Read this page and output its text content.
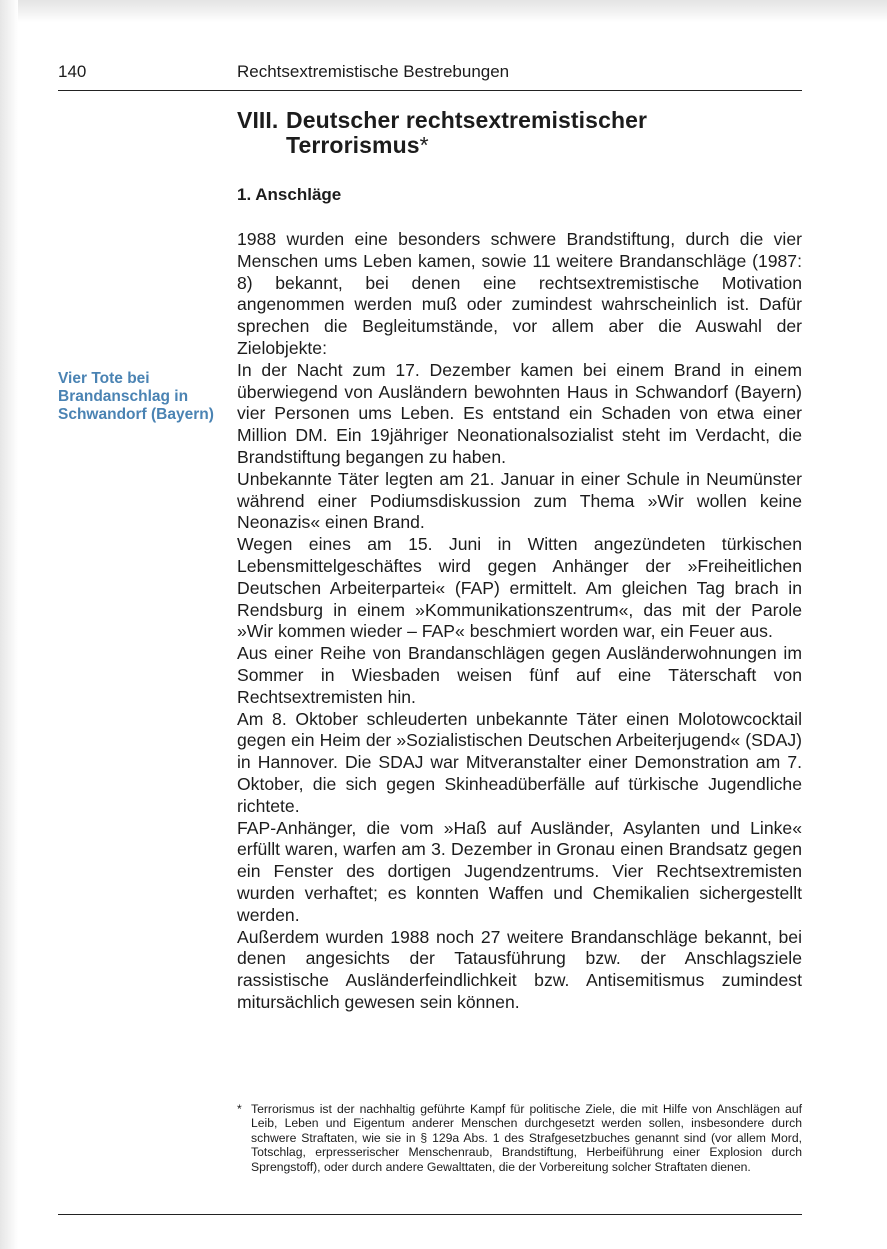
140	Rechtsextremistische Bestrebungen
VIII. Deutscher rechtsextremistischer
Terrorismus*
1. Anschläge
Vier Tote bei Brandanschlag in Schwandorf (Bayern)

1988 wurden eine besonders schwere Brandstiftung, durch die vier Menschen ums Leben kamen, sowie 11 weitere Brandanschläge (1987: 8) bekannt, bei denen eine rechtsextremistische Motivation angenommen werden muß oder zumindest wahrscheinlich ist. Dafür sprechen die Begleitumstände, vor allem aber die Auswahl der Zielobjekte:

In der Nacht zum 17. Dezember kamen bei einem Brand in einem überwiegend von Ausländern bewohnten Haus in Schwandorf (Bayern) vier Personen ums Leben. Es entstand ein Schaden von etwa einer Million DM. Ein 19jähriger Neonationalsozialist steht im Verdacht, die Brandstiftung begangen zu haben.

Unbekannte Täter legten am 21. Januar in einer Schule in Neumünster während einer Podiumsdiskussion zum Thema »Wir wollen keine Neonazis« einen Brand.

Wegen eines am 15. Juni in Witten angezündeten türkischen Lebensmittelgeschäftes wird gegen Anhänger der »Freiheitlichen Deutschen Arbeiterpartei« (FAP) ermittelt. Am gleichen Tag brach in Rendsburg in einem »Kommunikationszentrum«, das mit der Parole »Wir kommen wieder – FAP« beschmiert worden war, ein Feuer aus.

Aus einer Reihe von Brandanschlägen gegen Ausländerwohnungen im Sommer in Wiesbaden weisen fünf auf eine Täterschaft von Rechtsextremisten hin.

Am 8. Oktober schleuderten unbekannte Täter einen Molotowcocktail gegen ein Heim der »Sozialistischen Deutschen Arbeiterjugend« (SDAJ) in Hannover. Die SDAJ war Mitveranstalter einer Demonstration am 7. Oktober, die sich gegen Skinheadüberfälle auf türkische Jugendliche richtete.

FAP-Anhänger, die vom »Haß auf Ausländer, Asylanten und Linke« erfüllt waren, warfen am 3. Dezember in Gronau einen Brandsatz gegen ein Fenster des dortigen Jugendzentrums. Vier Rechtsextremisten wurden verhaftet; es konnten Waffen und Chemikalien sichergestellt werden.

Außerdem wurden 1988 noch 27 weitere Brandanschläge bekannt, bei denen angesichts der Tatausführung bzw. der Anschlagsziele rassistische Ausländerfeindlichkeit bzw. Antisemitismus zumindest mitursächlich gewesen sein können.

* Terrorismus ist der nachhaltig geführte Kampf für politische Ziele, die mit Hilfe von Anschlägen auf Leib, Leben und Eigentum anderer Menschen durchgesetzt werden sollen, insbesondere durch schwere Straftaten, wie sie in § 129a Abs. 1 des Strafgesetzbuches genannt sind (vor allem Mord, Totschlag, erpresserischer Menschenraub, Brandstiftung, Herbeiführung einer Explosion durch Sprengstoff), oder durch andere Gewalttaten, die der Vorbereitung solcher Straftaten dienen.
